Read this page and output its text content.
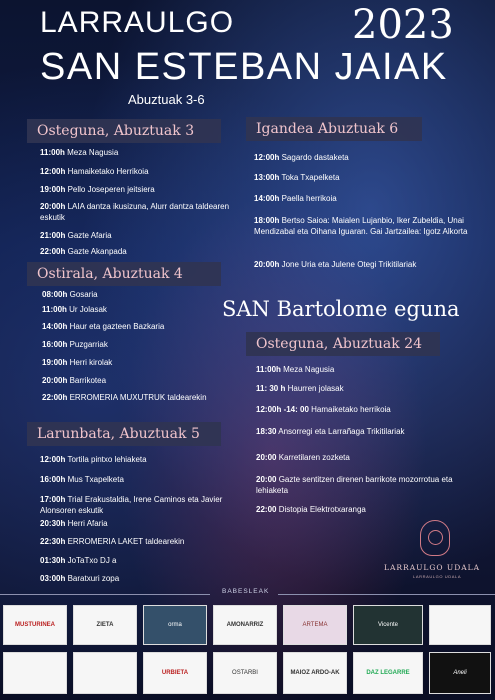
LARRAULGO
SAN ESTEBAN JAIAK
2023
Abuztuak 3-6
Osteguna, Abuztuak 3
11:00h Meza Nagusia
12:00h Hamaiketako Herrikoia
19:00h Pello Joseperen jeitsiera
20:00h LAIA dantza ikusizuna, Alurr dantza taldearen eskutik
21:00h Gazte Afaria
22:00h Gazte Akanpada
Ostirala, Abuztuak 4
08:00h Gosaria
11:00h Ur Jolasak
14:00h Haur eta gazteen Bazkaria
16:00h Puzgarriak
19:00h Herri kirolak
20:00h Barrikotea
22:00h ERROMERIA MUXUTRUK taldearekin
Larunbata, Abuztuak 5
12:00h Tortila pintxo lehiaketa
16:00h Mus Txapelketa
17:00h Trial Erakustaldia, Irene Caminos eta Javier Alonsoren eskutik
20:30h Herri Afaria
22:30h ERROMERIA LAKET taldearekin
01:30h JoTaTxo DJ a
03:00h Baratxuri zopa
Igandea Abuztuak 6
12:00h Sagardo dastaketa
13:00h Toka Txapelketa
14:00h Paella herrikoia
18:00h Bertso Saioa: Maialen Lujanbio, Iker Zubeldia, Unai Mendizabal eta Oihana Iguaran. Gai Jartzailea: Igotz Alkorta
20:00h Jone Uria eta Julene Otegi Trikitilariak
SAN Bartolome eguna
Osteguna, Abuztuak 24
11:00h Meza Nagusia
11: 30 h Haurren jolasak
12:00h -14: 00 Hamaiketako herrikoia
18:30 Ansorregi eta Larrañaga Trikitilariak
20:00 Karretilaren zozketa
20:00 Gazte sentitzen direnen barrikote mozorrotua eta lehiaketa
22:00 Distopia Elektrotxaranga
LARRAULGO UDALA
LARRAULGO UDALA
BABESLEAK
MUSTURINEA	ZIETA	orma	AMONARRIZ	ARTEMA	Vicente
URBIETA	OSTARBI	MAIOZ ARDO-AK	DAZ LEGARRE	Aneli
